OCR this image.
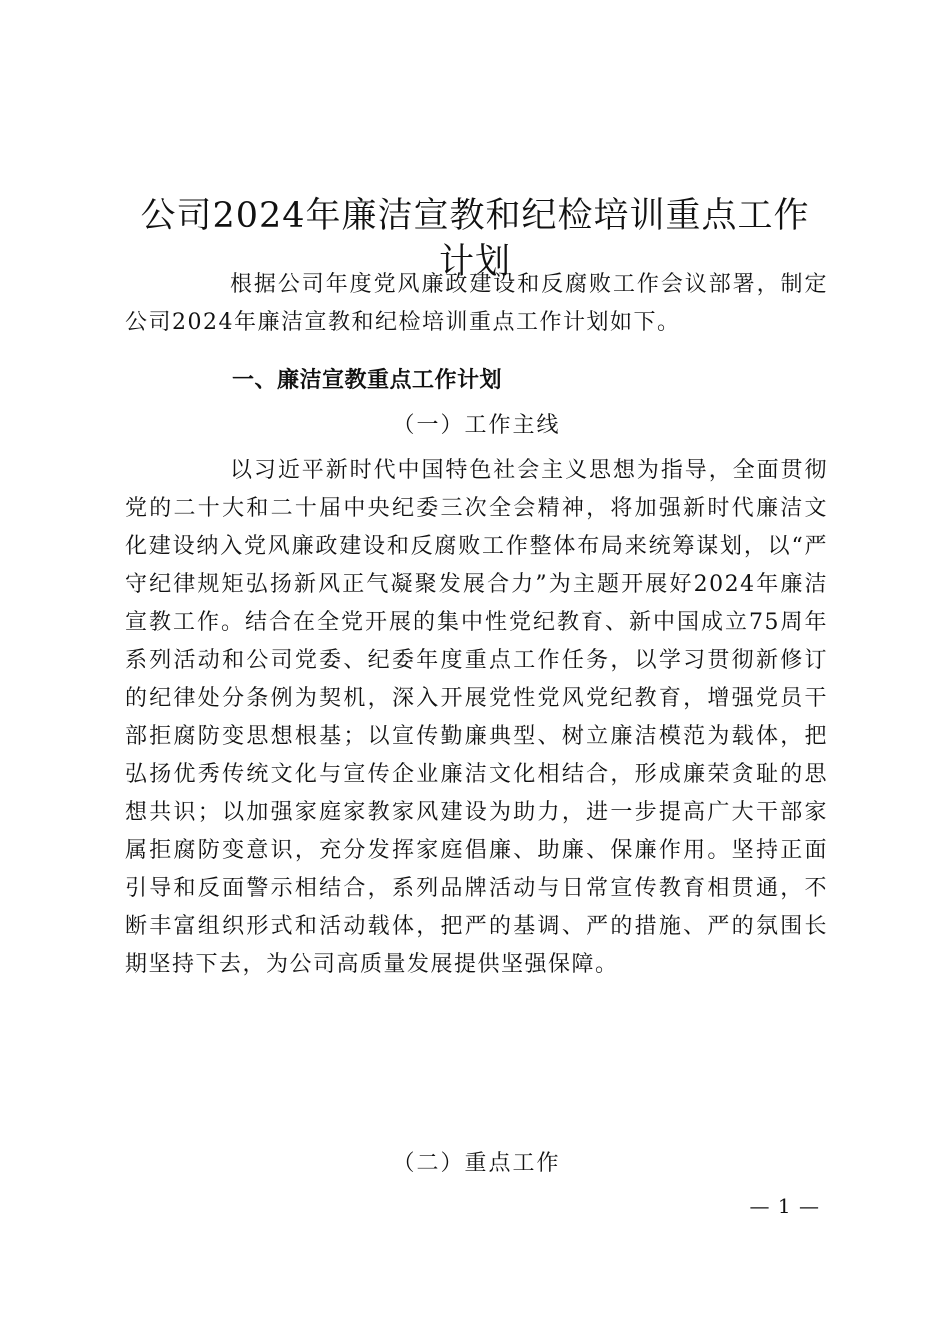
公司2024年廉洁宣教和纪检培训重点工作计划

根据公司年度党风廉政建设和反腐败工作会议部署，制定公司2024年廉洁宣教和纪检培训重点工作计划如下。

一、廉洁宣教重点工作计划
（一）工作主线

以习近平新时代中国特色社会主义思想为指导，全面贯彻党的二十大和二十届中央纪委三次全会精神，将加强新时代廉洁文化建设纳入党风廉政建设和反腐败工作整体布局来统筹谋划，以“严守纪律规矩弘扬新风正气凝聚发展合力”为主题开展好2024年廉洁宣教工作。结合在全党开展的集中性党纪教育、新中国成立75周年系列活动和公司党委、纪委年度重点工作任务，以学习贯彻新修订的纪律处分条例为契机，深入开展党性党风党纪教育，增强党员干部拒腐防变思想根基；以宣传勤廉典型、树立廉洁模范为载体，把弘扬优秀传统文化与宣传企业廉洁文化相结合，形成廉荣贪耻的思想共识；以加强家庭家教家风建设为助力，进一步提高广大干部家属拒腐防变意识，充分发挥家庭倡廉、助廉、保廉作用。坚持正面引导和反面警示相结合，系列品牌活动与日常宣传教育相贯通，不断丰富组织形式和活动载体，把严的基调、严的措施、严的氛围长期坚持下去，为公司高质量发展提供坚强保障。

（二）重点工作
— 1 —
